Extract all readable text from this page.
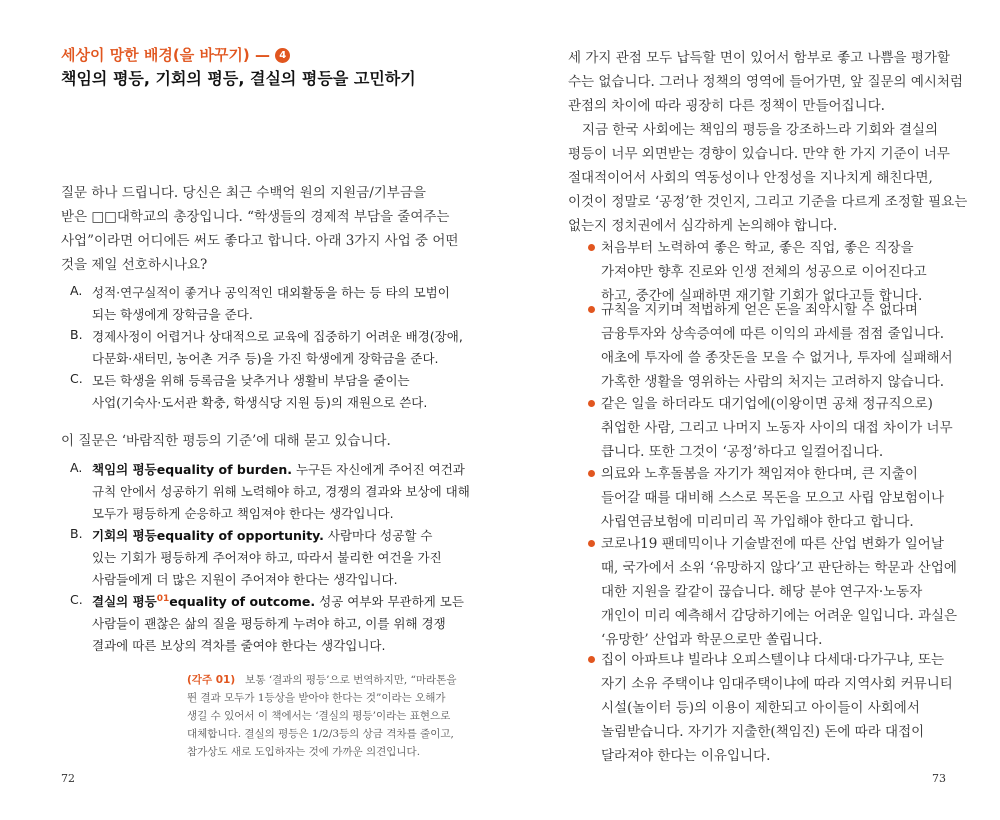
세상이 망한 배경(을 바꾸기) — 4
책임의 평등, 기회의 평등, 결실의 평등을 고민하기
질문 하나 드립니다. 당신은 최근 수백억 원의 지원금/기부금을
받은 □□대학교의 총장입니다. “학생들의 경제적 부담을 줄여주는
사업”이라면 어디에든 써도 좋다고 합니다. 아래 3가지 사업 중 어떤
것을 제일 선호하시나요?
A. 성적·연구실적이 좋거나 공익적인 대외활동을 하는 등 타의 모범이
되는 학생에게 장학금을 준다.
B. 경제사정이 어렵거나 상대적으로 교육에 집중하기 어려운 배경(장애,
다문화·새터민, 농어촌 거주 등)을 가진 학생에게 장학금을 준다.
C. 모든 학생을 위해 등록금을 낮추거나 생활비 부담을 줄이는
사업(기숙사·도서관 확충, 학생식당 지원 등)의 재원으로 쓴다.
이 질문은 ‘바람직한 평등의 기준’에 대해 묻고 있습니다.
A. 책임의 평등equality of burden. 누구든 자신에게 주어진 여건과
규칙 안에서 성공하기 위해 노력해야 하고, 경쟁의 결과와 보상에 대해
모두가 평등하게 순응하고 책임져야 한다는 생각입니다.
B. 기회의 평등equality of opportunity. 사람마다 성공할 수
있는 기회가 평등하게 주어져야 하고, 따라서 불리한 여건을 가진
사람들에게 더 많은 지원이 주어져야 한다는 생각입니다.
C. 결실의 평등$^{01}$equality of outcome. 성공 여부와 무관하게 모든
사람들이 괜찮은 삶의 질을 평등하게 누려야 하고, 이를 위해 경쟁
결과에 따른 보상의 격차를 줄여야 한다는 생각입니다.
(각주 01) 보통 ‘결과의 평등’으로 번역하지만, “마라톤을
뛴 결과 모두가 1등상을 받아야 한다는 것”이라는 오해가
생길 수 있어서 이 책에서는 ‘결실의 평등’이라는 표현으로
대체합니다. 결실의 평등은 1/2/3등의 상금 격차를 줄이고,
참가상도 새로 도입하자는 것에 가까운 의견입니다.
72
세 가지 관점 모두 납득할 면이 있어서 함부로 좋고 나쁨을 평가할
수는 없습니다. 그러나 정책의 영역에 들어가면, 앞 질문의 예시처럼
관점의 차이에 따라 굉장히 다른 정책이 만들어집니다.
지금 한국 사회에는 책임의 평등을 강조하느라 기회와 결실의
평등이 너무 외면받는 경향이 있습니다. 만약 한 가지 기준이 너무
절대적이어서 사회의 역동성이나 안정성을 지나치게 해친다면,
이것이 정말로 ‘공정’한 것인지, 그리고 기준을 다르게 조정할 필요는
없는지 정치권에서 심각하게 논의해야 합니다.
처음부터 노력하여 좋은 학교, 좋은 직업, 좋은 직장을
가져야만 향후 진로와 인생 전체의 성공으로 이어진다고
하고, 중간에 실패하면 재기할 기회가 없다고들 합니다.
규칙을 지키며 적법하게 얻은 돈을 죄악시할 수 없다며
금융투자와 상속증여에 따른 이익의 과세를 점점 줄입니다.
애초에 투자에 쓸 종잣돈을 모을 수 없거나, 투자에 실패해서
가혹한 생활을 영위하는 사람의 처지는 고려하지 않습니다.
같은 일을 하더라도 대기업에(이왕이면 공채 정규직으로)
취업한 사람, 그리고 나머지 노동자 사이의 대접 차이가 너무
큽니다. 또한 그것이 ‘공정’하다고 일컬어집니다.
의료와 노후돌봄을 자기가 책임져야 한다며, 큰 지출이
들어갈 때를 대비해 스스로 목돈을 모으고 사립 암보험이나
사립연금보험에 미리미리 꼭 가입해야 한다고 합니다.
코로나19 팬데믹이나 기술발전에 따른 산업 변화가 일어날
때, 국가에서 소위 ‘유망하지 않다’고 판단하는 학문과 산업에
대한 지원을 칼같이 끊습니다. 해당 분야 연구자·노동자
개인이 미리 예측해서 감당하기에는 어려운 일입니다. 과실은
‘유망한’ 산업과 학문으로만 쏠립니다.
집이 아파트냐 빌라냐 오피스텔이냐 다세대·다가구냐, 또는
자기 소유 주택이냐 임대주택이냐에 따라 지역사회 커뮤니티
시설(놀이터 등)의 이용이 제한되고 아이들이 사회에서
놀림받습니다. 자기가 지출한(책임진) 돈에 따라 대접이
달라져야 한다는 이유입니다.
73
